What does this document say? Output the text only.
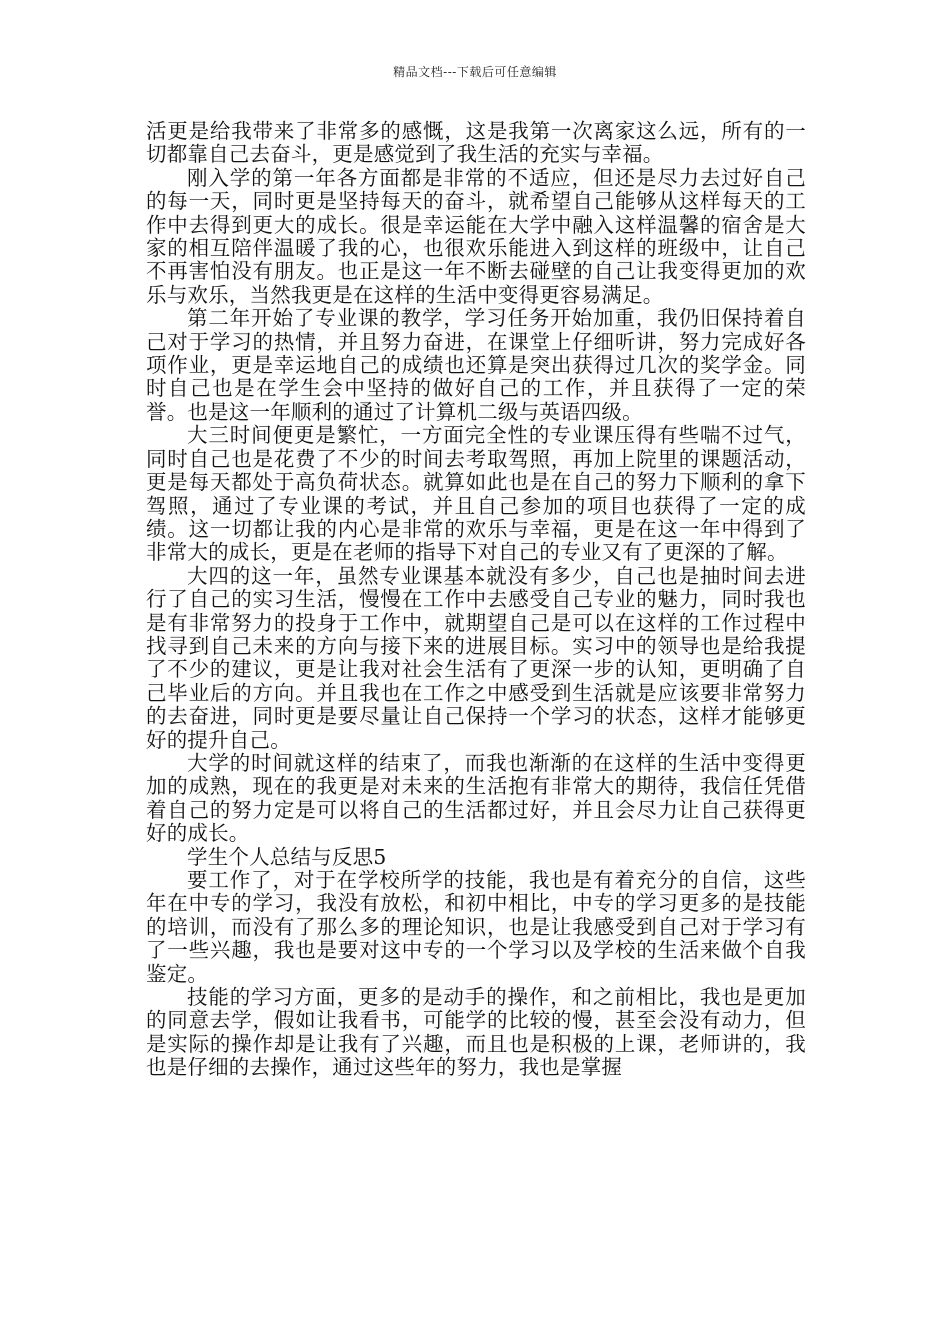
精品文档---下载后可任意编辑

活更是给我带来了非常多的感慨，这是我第一次离家这么远，所有的一切都靠自己去奋斗，更是感觉到了我生活的充实与幸福。

刚入学的第一年各方面都是非常的不适应，但还是尽力去过好自己的每一天，同时更是坚持每天的奋斗，就希望自己能够从这样每天的工作中去得到更大的成长。很是幸运能在大学中融入这样温馨的宿舍是大家的相互陪伴温暖了我的心，也很欢乐能进入到这样的班级中，让自己不再害怕没有朋友。也正是这一年不断去碰壁的自己让我变得更加的欢乐与欢乐，当然我更是在这样的生活中变得更容易满足。

第二年开始了专业课的教学，学习任务开始加重，我仍旧保持着自己对于学习的热情，并且努力奋进，在课堂上仔细听讲，努力完成好各项作业，更是幸运地自己的成绩也还算是突出获得过几次的奖学金。同时自己也是在学生会中坚持的做好自己的工作，并且获得了一定的荣誉。也是这一年顺利的通过了计算机二级与英语四级。

大三时间便更是繁忙，一方面完全性的专业课压得有些喘不过气，同时自己也是花费了不少的时间去考取驾照，再加上院里的课题活动，更是每天都处于高负荷状态。就算如此也是在自己的努力下顺利的拿下驾照，通过了专业课的考试，并且自己参加的项目也获得了一定的成绩。这一切都让我的内心是非常的欢乐与幸福，更是在这一年中得到了非常大的成长，更是在老师的指导下对自己的专业又有了更深的了解。

大四的这一年，虽然专业课基本就没有多少，自己也是抽时间去进行了自己的实习生活，慢慢在工作中去感受自己专业的魅力，同时我也是有非常努力的投身于工作中，就期望自己是可以在这样的工作过程中找寻到自己未来的方向与接下来的进展目标。实习中的领导也是给我提了不少的建议，更是让我对社会生活有了更深一步的认知，更明确了自己毕业后的方向。并且我也在工作之中感受到生活就是应该要非常努力的去奋进，同时更是要尽量让自己保持一个学习的状态，这样才能够更好的提升自己。

大学的时间就这样的结束了，而我也渐渐的在这样的生活中变得更加的成熟，现在的我更是对未来的生活抱有非常大的期待，我信任凭借着自己的努力定是可以将自己的生活都过好，并且会尽力让自己获得更好的成长。

学生个人总结与反思5

要工作了，对于在学校所学的技能，我也是有着充分的自信，这些年在中专的学习，我没有放松，和初中相比，中专的学习更多的是技能的培训，而没有了那么多的理论知识，也是让我感受到自己对于学习有了一些兴趣，我也是要对这中专的一个学习以及学校的生活来做个自我鉴定。

技能的学习方面，更多的是动手的操作，和之前相比，我也是更加的同意去学，假如让我看书，可能学的比较的慢，甚至会没有动力，但是实际的操作却是让我有了兴趣，而且也是积极的上课，老师讲的，我也是仔细的去操作，通过这些年的努力，我也是掌握
